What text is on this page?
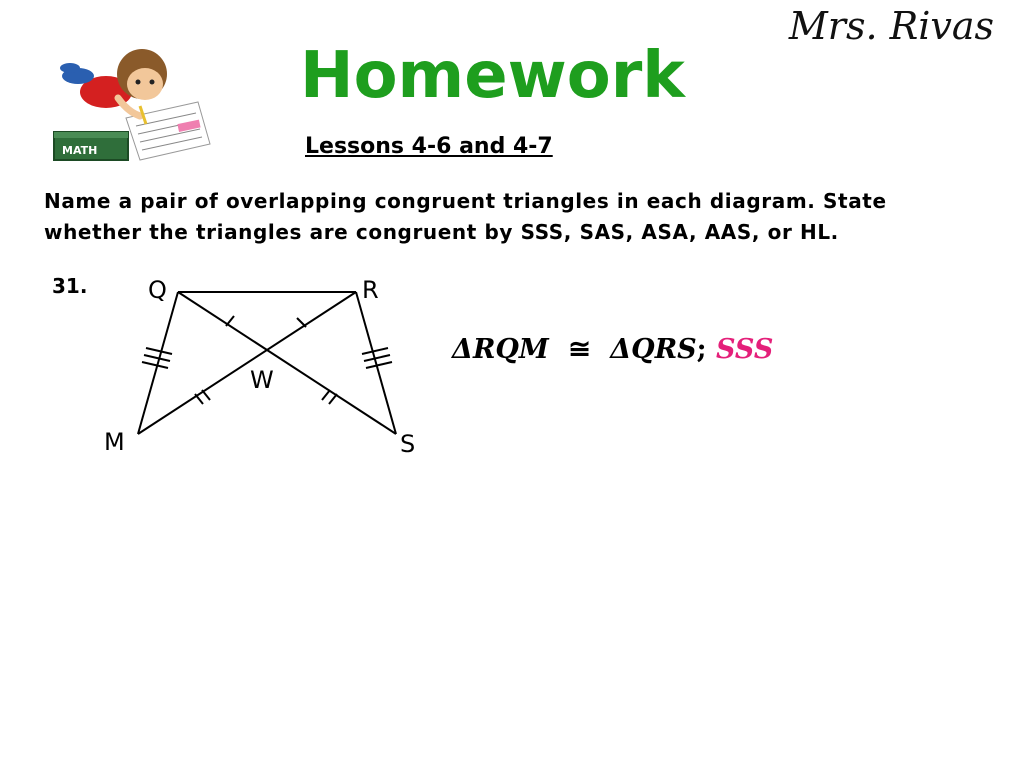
MATH
Homework
Mrs. Rivas
Lessons 4-6 and 4-7
Name a pair of overlapping congruent triangles in each diagram. State whether the triangles are congruent by SSS, SAS, ASA, AAS, or HL.
31.	Q	R
M	S
W
ΔRQM ≅ ΔQRS; SSS
